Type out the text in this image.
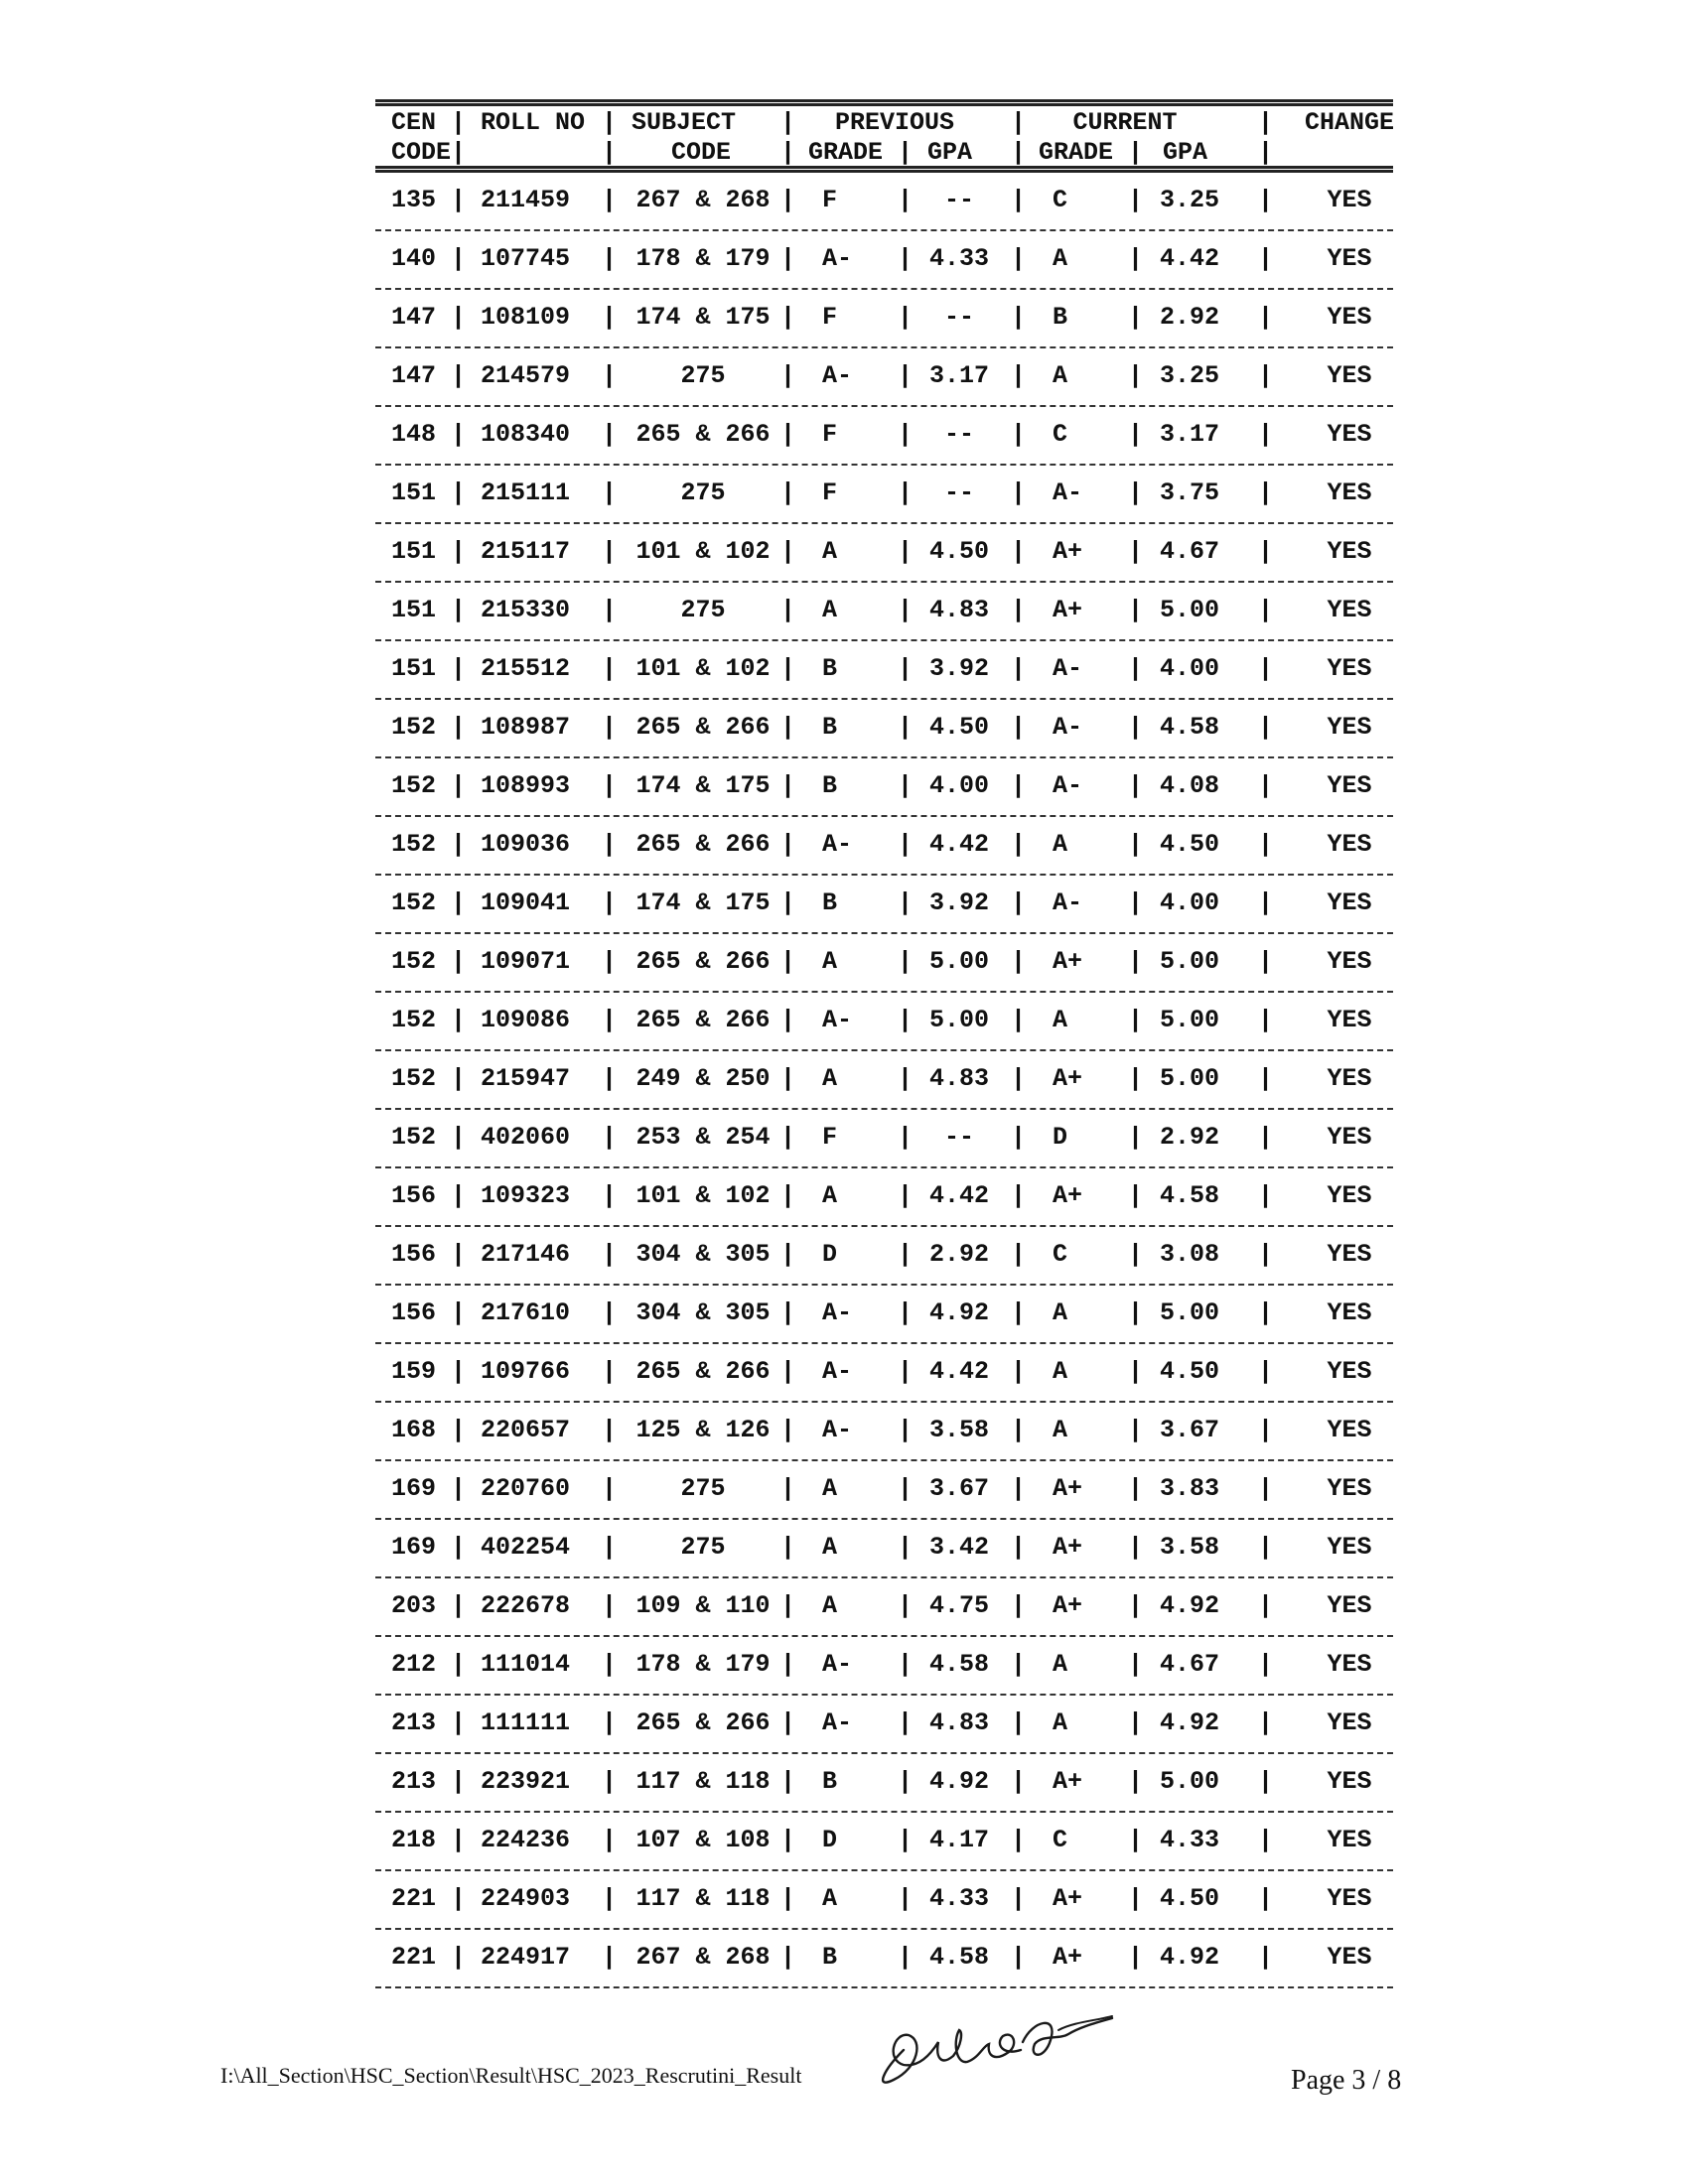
CEN | ROLL NO | SUBJECT | PREVIOUS | CURRENT	| CHANGE
CODE|	| CODE | GRADE | GPA | GRADE | GPA |
135 | 211459 | 267 & 268 | F | -- | C | 3.25 | YES
140 | 107745 | 178 & 179 | A- | 4.33 | A | 4.42 | YES
147 | 108109 | 174 & 175 | F | -- | B | 2.92 | YES
147 | 214579 |	275 | A- | 3.17 | A | 3.25 | YES
148 | 108340 | 265 & 266 | F | -- | C | 3.17 | YES
151 | 215111 |	275 | F | -- | A- | 3.75 | YES
151 | 215117 | 101 & 102 | A | 4.50 | A+ | 4.67 | YES
151 | 215330 |	275 | A | 4.83 | A+ | 5.00 | YES
151 | 215512 | 101 & 102 | B | 3.92 | A- | 4.00 | YES
152 | 108987 | 265 & 266 | B | 4.50 | A- | 4.58 | YES
152 | 108993 | 174 & 175 | B | 4.00 | A- | 4.08 | YES
152 | 109036 | 265 & 266 | A- | 4.42 | A | 4.50 | YES
152 | 109041 | 174 & 175 | B | 3.92 | A- | 4.00 | YES
152 | 109071 | 265 & 266 | A | 5.00 | A+ | 5.00 | YES
152 | 109086 | 265 & 266 | A- | 5.00 | A | 5.00 | YES
152 | 215947 | 249 & 250 | A | 4.83 | A+ | 5.00 | YES
152 | 402060 | 253 & 254 | F | -- | D | 2.92 | YES
156 | 109323 | 101 & 102 | A | 4.42 | A+ | 4.58 | YES
156 | 217146 | 304 & 305 | D | 2.92 | C | 3.08 | YES
156 | 217610 | 304 & 305 | A- | 4.92 | A | 5.00 | YES
159 | 109766 | 265 & 266 | A- | 4.42 | A | 4.50 | YES
168 | 220657 | 125 & 126 | A- | 3.58 | A | 3.67 | YES
169 | 220760 |	275 | A | 3.67 | A+ | 3.83 | YES
169 | 402254 |	275 | A | 3.42 | A+ | 3.58 | YES
203 | 222678 | 109 & 110 | A | 4.75 | A+ | 4.92 | YES
212 | 111014 | 178 & 179 | A- | 4.58 | A | 4.67 | YES
213 | 111111 | 265 & 266 | A- | 4.83 | A | 4.92 | YES
213 | 223921 | 117 & 118 | B | 4.92 | A+ | 5.00 | YES
218 | 224236 | 107 & 108 | D | 4.17 | C | 4.33 | YES
221 | 224903 | 117 & 118 | A | 4.33 | A+ | 4.50 | YES
221 | 224917 | 267 & 268 | B | 4.58 | A+ | 4.92 | YES
I:\All_Section\HSC_Section\Result\HSC_2023_Rescrutini_Result	Page 3 / 8
